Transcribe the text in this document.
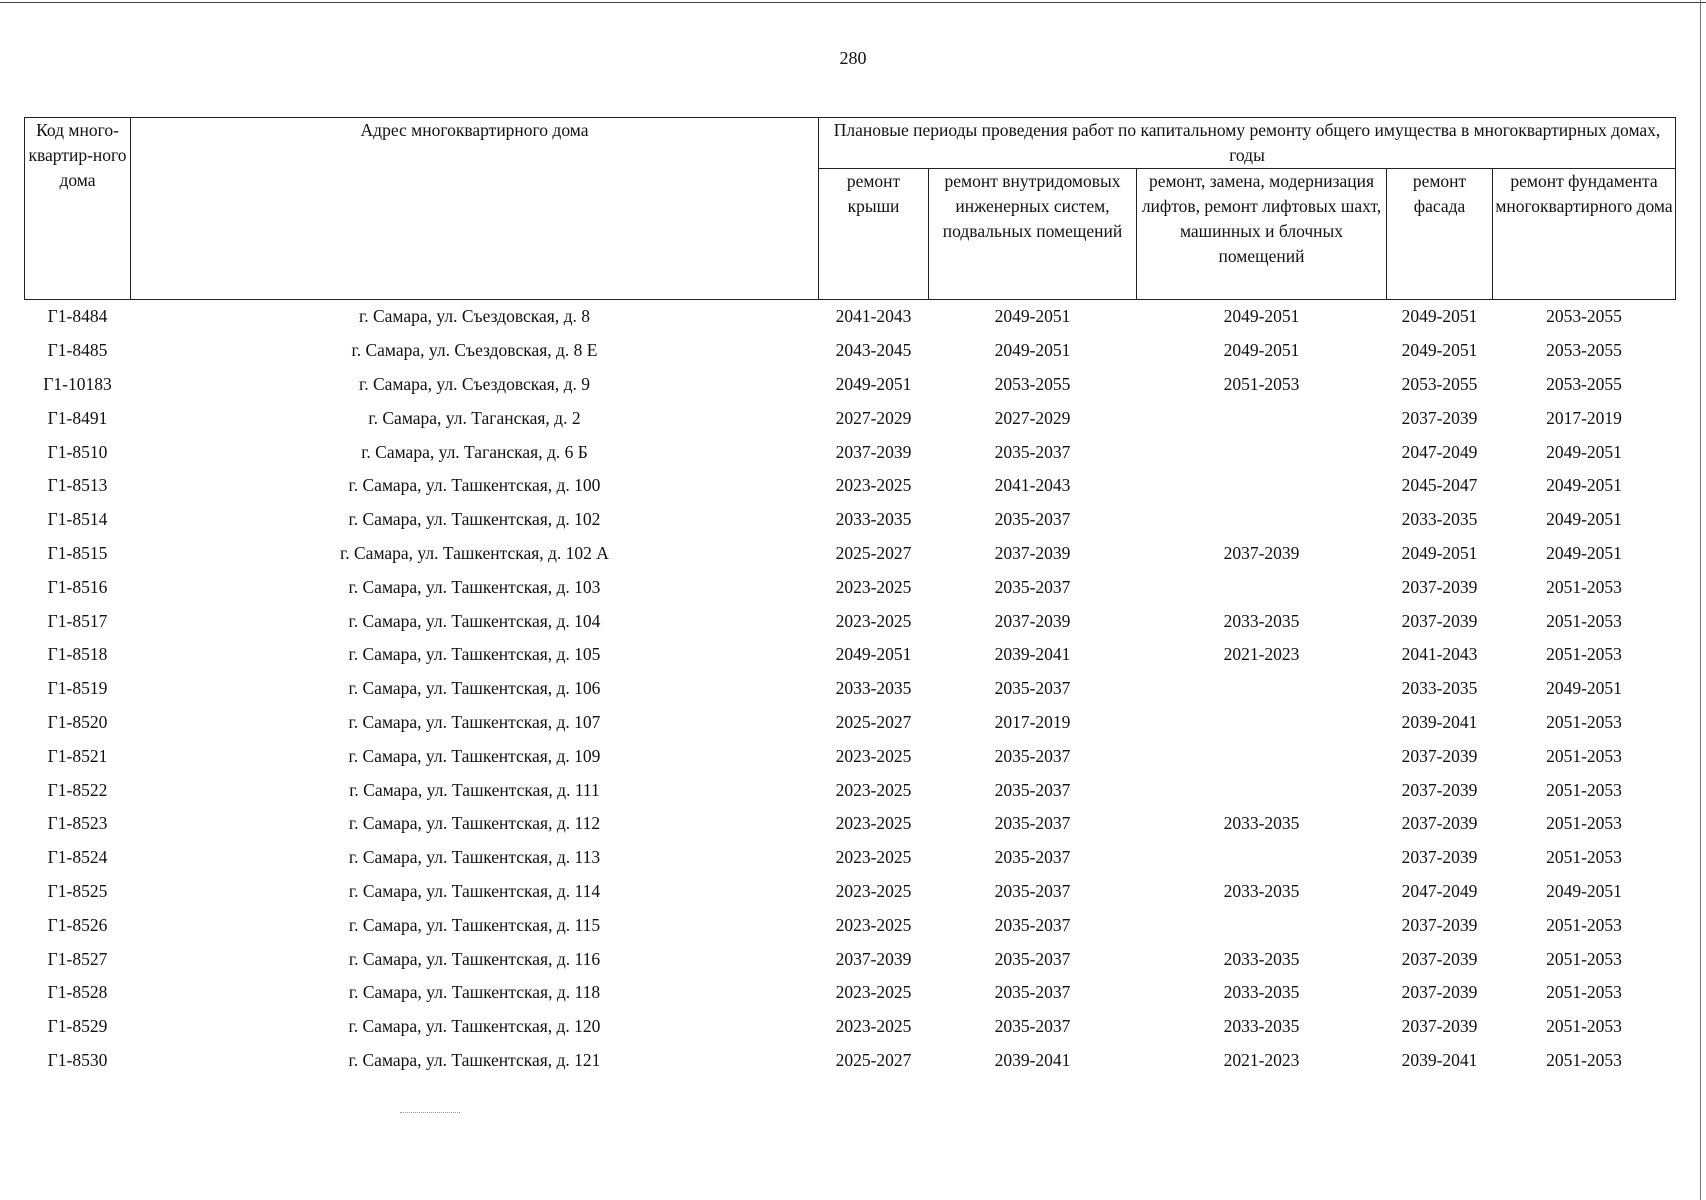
280
Код много-квартир-ного дома	Адрес многоквартирного дома	Плановые периоды проведения работ по капитальному ремонту общего имущества в многоквартирных домах, годы				
		ремонт крыши	ремонт внутридомовых инженерных систем, подвальных помещений	ремонт, замена, модернизация лифтов, ремонт лифтовых шахт, машинных и блочных помещений	ремонт фасада	ремонт фундамента многоквартирного дома
Г1-8484	г. Самара, ул. Съездовская, д. 8	2041-2043	2049-2051	2049-2051	2049-2051	2053-2055
Г1-8485	г. Самара, ул. Съездовская, д. 8 Е	2043-2045	2049-2051	2049-2051	2049-2051	2053-2055
Г1-10183	г. Самара, ул. Съездовская, д. 9	2049-2051	2053-2055	2051-2053	2053-2055	2053-2055
Г1-8491	г. Самара, ул. Таганская, д. 2	2027-2029	2027-2029		2037-2039	2017-2019
Г1-8510	г. Самара, ул. Таганская, д. 6 Б	2037-2039	2035-2037		2047-2049	2049-2051
Г1-8513	г. Самара, ул. Ташкентская, д. 100	2023-2025	2041-2043		2045-2047	2049-2051
Г1-8514	г. Самара, ул. Ташкентская, д. 102	2033-2035	2035-2037		2033-2035	2049-2051
Г1-8515	г. Самара, ул. Ташкентская, д. 102 А	2025-2027	2037-2039	2037-2039	2049-2051	2049-2051
Г1-8516	г. Самара, ул. Ташкентская, д. 103	2023-2025	2035-2037		2037-2039	2051-2053
Г1-8517	г. Самара, ул. Ташкентская, д. 104	2023-2025	2037-2039	2033-2035	2037-2039	2051-2053
Г1-8518	г. Самара, ул. Ташкентская, д. 105	2049-2051	2039-2041	2021-2023	2041-2043	2051-2053
Г1-8519	г. Самара, ул. Ташкентская, д. 106	2033-2035	2035-2037		2033-2035	2049-2051
Г1-8520	г. Самара, ул. Ташкентская, д. 107	2025-2027	2017-2019		2039-2041	2051-2053
Г1-8521	г. Самара, ул. Ташкентская, д. 109	2023-2025	2035-2037		2037-2039	2051-2053
Г1-8522	г. Самара, ул. Ташкентская, д. 111	2023-2025	2035-2037		2037-2039	2051-2053
Г1-8523	г. Самара, ул. Ташкентская, д. 112	2023-2025	2035-2037	2033-2035	2037-2039	2051-2053
Г1-8524	г. Самара, ул. Ташкентская, д. 113	2023-2025	2035-2037		2037-2039	2051-2053
Г1-8525	г. Самара, ул. Ташкентская, д. 114	2023-2025	2035-2037	2033-2035	2047-2049	2049-2051
Г1-8526	г. Самара, ул. Ташкентская, д. 115	2023-2025	2035-2037		2037-2039	2051-2053
Г1-8527	г. Самара, ул. Ташкентская, д. 116	2037-2039	2035-2037	2033-2035	2037-2039	2051-2053
Г1-8528	г. Самара, ул. Ташкентская, д. 118	2023-2025	2035-2037	2033-2035	2037-2039	2051-2053
Г1-8529	г. Самара, ул. Ташкентская, д. 120	2023-2025	2035-2037	2033-2035	2037-2039	2051-2053
Г1-8530	г. Самара, ул. Ташкентская, д. 121	2025-2027	2039-2041	2021-2023	2039-2041	2051-2053
